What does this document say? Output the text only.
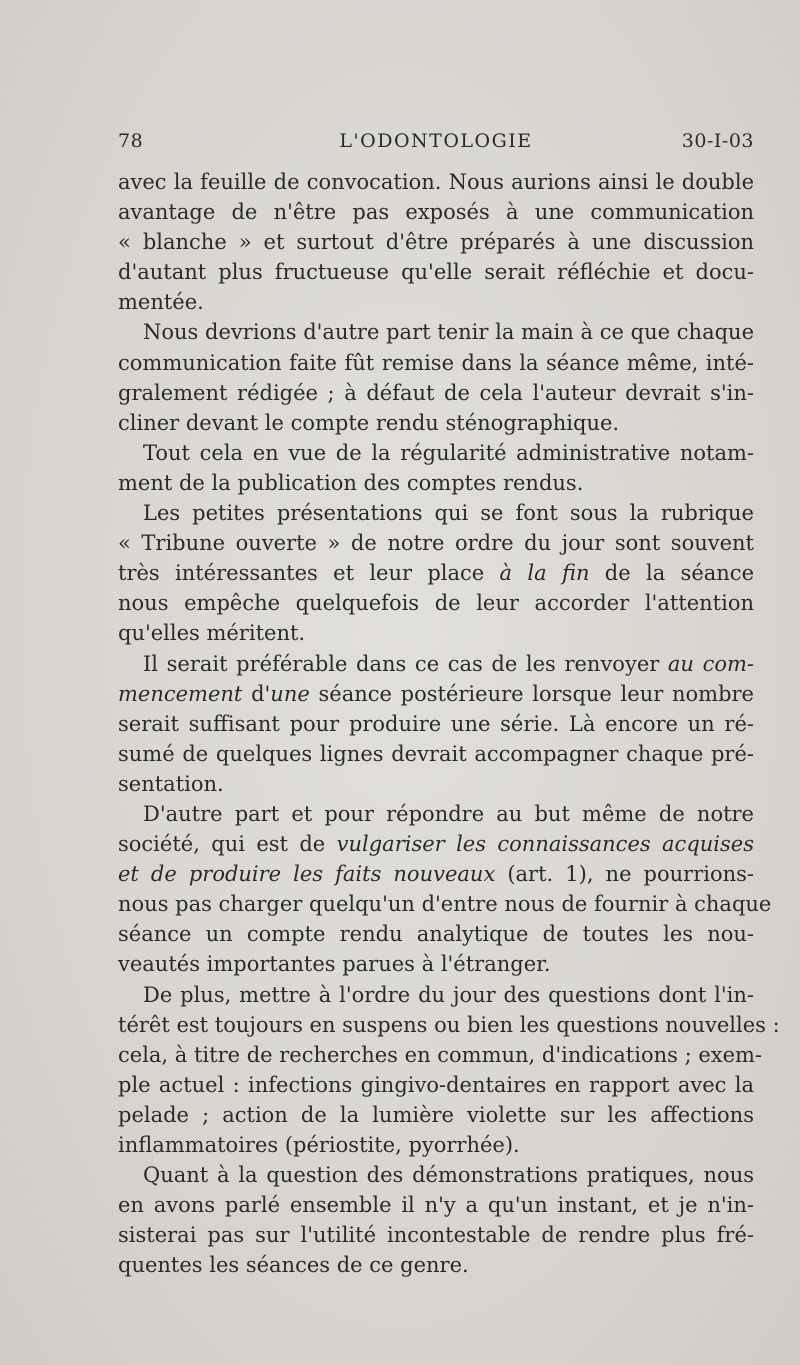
78	L'ODONTOLOGIE	30-I-03
avec la feuille de convocation. Nous aurions ainsi le double
avantage de n'être pas exposés à une communication
« blanche » et surtout d'être préparés à une discussion
d'autant plus fructueuse qu'elle serait réfléchie et docu-
mentée.
Nous devrions d'autre part tenir la main à ce que chaque
communication faite fût remise dans la séance même, inté-
gralement rédigée ; à défaut de cela l'auteur devrait s'in-
cliner devant le compte rendu sténographique.
Tout cela en vue de la régularité administrative notam-
ment de la publication des comptes rendus.
Les petites présentations qui se font sous la rubrique
« Tribune ouverte » de notre ordre du jour sont souvent
très intéressantes et leur place à la fin de la séance
nous empêche quelquefois de leur accorder l'attention
qu'elles méritent.
Il serait préférable dans ce cas de les renvoyer au com-
mencement d'une séance postérieure lorsque leur nombre
serait suffisant pour produire une série. Là encore un ré-
sumé de quelques lignes devrait accompagner chaque pré-
sentation.
D'autre part et pour répondre au but même de notre
société, qui est de vulgariser les connaissances acquises
et de produire les faits nouveaux (art. 1), ne pourrions-
nous pas charger quelqu'un d'entre nous de fournir à chaque
séance un compte rendu analytique de toutes les nou-
veautés importantes parues à l'étranger.
De plus, mettre à l'ordre du jour des questions dont l'in-
térêt est toujours en suspens ou bien les questions nouvelles :
cela, à titre de recherches en commun, d'indications ; exem-
ple actuel : infections gingivo-dentaires en rapport avec la
pelade ; action de la lumière violette sur les affections
inflammatoires (périostite, pyorrhée).
Quant à la question des démonstrations pratiques, nous
en avons parlé ensemble il n'y a qu'un instant, et je n'in-
sisterai pas sur l'utilité incontestable de rendre plus fré-
quentes les séances de ce genre.
